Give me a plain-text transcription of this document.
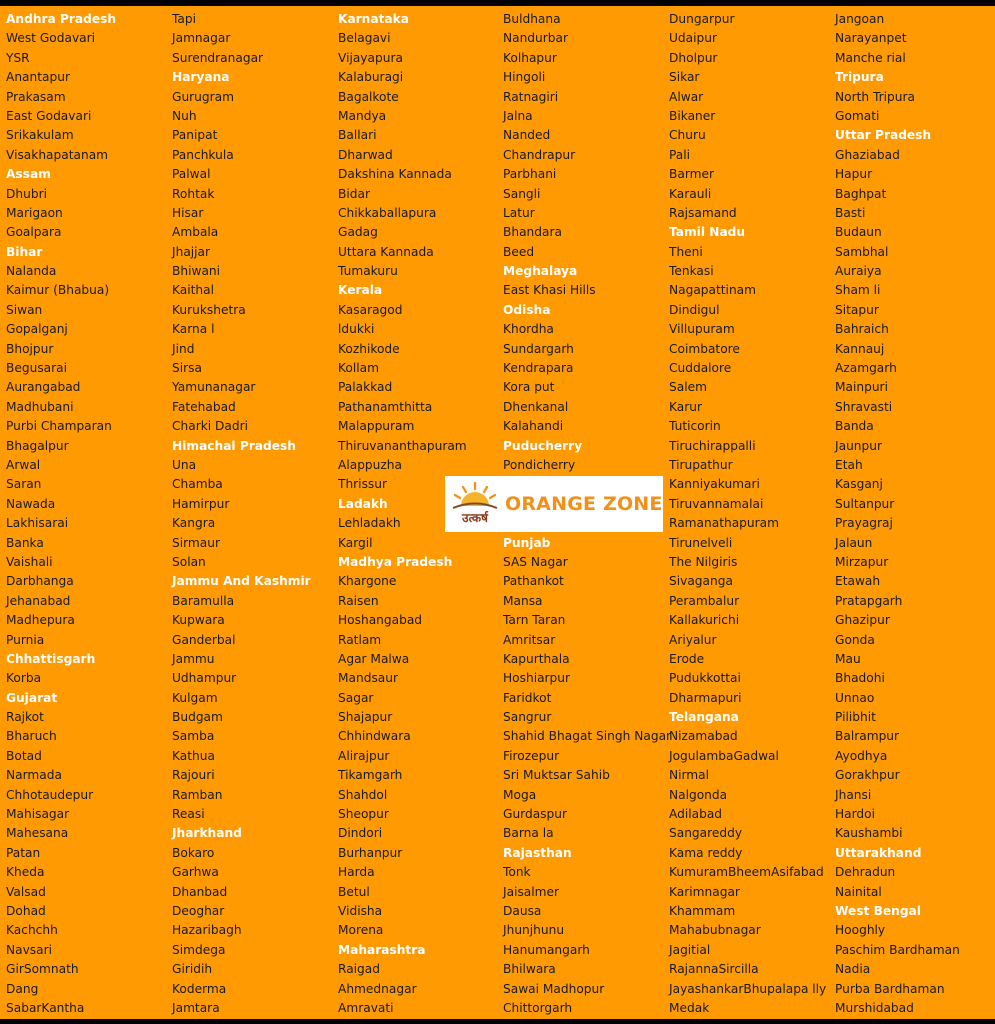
Andhra Pradesh
West Godavari
YSR
Anantapur
Prakasam
East Godavari
Srikakulam
Visakhapatanam
Assam
Dhubri
Marigaon
Goalpara
Bihar
Nalanda
Kaimur (Bhabua)
Siwan
Gopalganj
Bhojpur
Begusarai
Aurangabad
Madhubani
Purbi Champaran
Bhagalpur
Arwal
Saran
Nawada
Lakhisarai
Banka
Vaishali
Darbhanga
Jehanabad
Madhepura
Purnia
Chhattisgarh
Korba
Gujarat
Rajkot
Bharuch
Botad
Narmada
Chhotaudepur
Mahisagar
Mahesana
Patan
Kheda
Valsad
Dohad
Kachchh
Navsari
GirSomnath
Dang
SabarKantha
Tapi
Jamnagar
Surendranagar
Haryana
Gurugram
Nuh
Panipat
Panchkula
Palwal
Rohtak
Hisar
Ambala
Jhajjar
Bhiwani
Kaithal
Kurukshetra
Karna l
Jind
Sirsa
Yamunanagar
Fatehabad
Charki Dadri
Himachal Pradesh
Una
Chamba
Hamirpur
Kangra
Sirmaur
Solan
Jammu And Kashmir
Baramulla
Kupwara
Ganderbal
Jammu
Udhampur
Kulgam
Budgam
Samba
Kathua
Rajouri
Ramban
Reasi
Jharkhand
Bokaro
Garhwa
Dhanbad
Deoghar
Hazaribagh
Simdega
Giridih
Koderma
Jamtara
Karnataka
Belagavi
Vijayapura
Kalaburagi
Bagalkote
Mandya
Ballari
Dharwad
Dakshina Kannada
Bidar
Chikkaballapura
Gadag
Uttara Kannada
Tumakuru
Kerala
Kasaragod
ldukki
Kozhikode
Kollam
Palakkad
Pathanamthitta
Malappuram
Thiruvananthapuram
Alappuzha
Thrissur
Ladakh
Lehladakh
Kargil
Madhya Pradesh
Khargone
Raisen
Hoshangabad
Ratlam
Agar Malwa
Mandsaur
Sagar
Shajapur
Chhindwara
Alirajpur
Tikamgarh
Shahdol
Sheopur
Dindori
Burhanpur
Harda
Betul
Vidisha
Morena
Maharashtra
Raigad
Ahmednagar
Amravati
Buldhana
Nandurbar
Kolhapur
Hingoli
Ratnagiri
Jalna
Nanded
Chandrapur
Parbhani
Sangli
Latur
Bhandara
Beed
Meghalaya
East Khasi Hills
Odisha
Khordha
Sundargarh
Kendrapara
Kora put
Dhenkanal
Kalahandi
Puducherry
Pondicherry
Punjab
SAS Nagar
Pathankot
Mansa
Tarn Taran
Amritsar
Kapurthala
Hoshiarpur
Faridkot
Sangrur
Shahid Bhagat Singh Nagar
Firozepur
Sri Muktsar Sahib
Moga
Gurdaspur
Barna la
Rajasthan
Tonk
Jaisalmer
Dausa
Jhunjhunu
Hanumangarh
Bhilwara
Sawai Madhopur
Chittorgarh
Dungarpur
Udaipur
Dholpur
Sikar
Alwar
Bikaner
Churu
Pali
Barmer
Karauli
Rajsamand
Tamil Nadu
Theni
Tenkasi
Nagapattinam
Dindigul
Villupuram
Coimbatore
Cuddalore
Salem
Karur
Tuticorin
Tiruchirappalli
Tirupathur
Kanniyakumari
Tiruvannamalai
Ramanathapuram
Tirunelveli
The Nilgiris
Sivaganga
Perambalur
Kallakurichi
Ariyalur
Erode
Pudukkottai
Dharmapuri
Telangana
Nizamabad
JogulambaGadwal
Nirmal
Nalgonda
Adilabad
Sangareddy
Kama reddy
KumuramBheemAsifabad
Karimnagar
Khammam
Mahabubnagar
Jagitial
RajannaSircilla
JayashankarBhupalapa lly
Medak
Jangoan
Narayanpet
Manche rial
Tripura
North Tripura
Gomati
Uttar Pradesh
Ghaziabad
Hapur
Baghpat
Basti
Budaun
Sambhal
Auraiya
Sham li
Sitapur
Bahraich
Kannauj
Azamgarh
Mainpuri
Shravasti
Banda
Jaunpur
Etah
Kasganj
Sultanpur
Prayagraj
Jalaun
Mirzapur
Etawah
Pratapgarh
Ghazipur
Gonda
Mau
Bhadohi
Unnao
Pilibhit
Balrampur
Ayodhya
Gorakhpur
Jhansi
Hardoi
Kaushambi
Uttarakhand
Dehradun
Nainital
West Bengal
Hooghly
Paschim Bardhaman
Nadia
Purba Bardhaman
Murshidabad
उत्कर्ष
ORANGE ZONE
